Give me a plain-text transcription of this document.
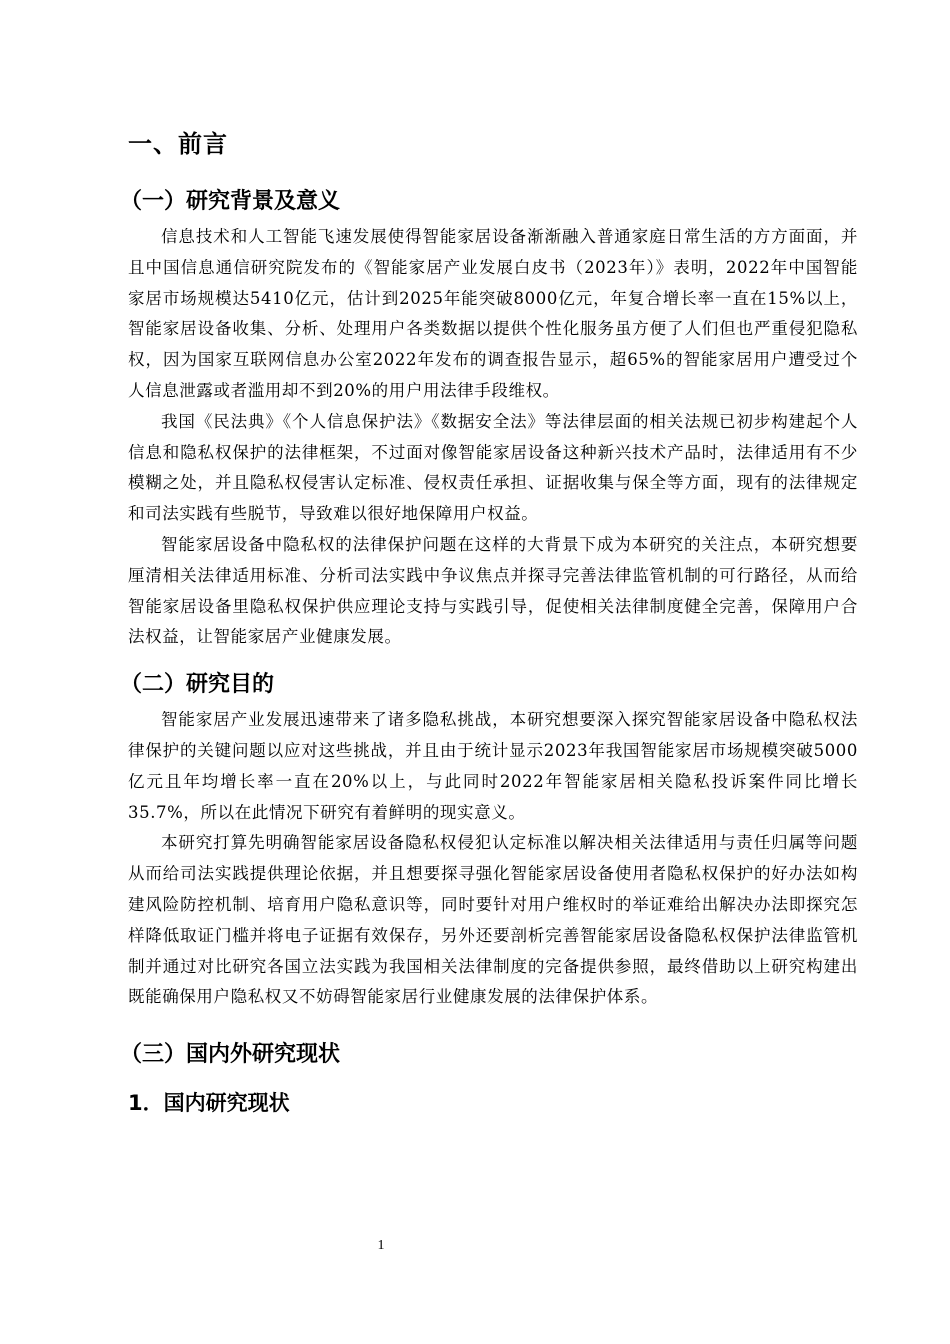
一、前言
（一）研究背景及意义

信息技术和人工智能飞速发展使得智能家居设备渐渐融入普通家庭日常生活的方方面面，并且中国信息通信研究院发布的《智能家居产业发展白皮书（2023年）》表明，2022年中国智能家居市场规模达5410亿元，估计到2025年能突破8000亿元，年复合增长率一直在15%以上，智能家居设备收集、分析、处理用户各类数据以提供个性化服务虽方便了人们但也严重侵犯隐私权，因为国家互联网信息办公室2022年发布的调查报告显示，超65%的智能家居用户遭受过个人信息泄露或者滥用却不到20%的用户用法律手段维权。

我国《民法典》《个人信息保护法》《数据安全法》等法律层面的相关法规已初步构建起个人信息和隐私权保护的法律框架，不过面对像智能家居设备这种新兴技术产品时，法律适用有不少模糊之处，并且隐私权侵害认定标准、侵权责任承担、证据收集与保全等方面，现有的法律规定和司法实践有些脱节，导致难以很好地保障用户权益。

智能家居设备中隐私权的法律保护问题在这样的大背景下成为本研究的关注点，本研究想要厘清相关法律适用标准、分析司法实践中争议焦点并探寻完善法律监管机制的可行路径，从而给智能家居设备里隐私权保护供应理论支持与实践引导，促使相关法律制度健全完善，保障用户合法权益，让智能家居产业健康发展。

（二）研究目的

智能家居产业发展迅速带来了诸多隐私挑战，本研究想要深入探究智能家居设备中隐私权法律保护的关键问题以应对这些挑战，并且由于统计显示2023年我国智能家居市场规模突破5000亿元且年均增长率一直在20%以上，与此同时2022年智能家居相关隐私投诉案件同比增长35.7%，所以在此情况下研究有着鲜明的现实意义。

本研究打算先明确智能家居设备隐私权侵犯认定标准以解决相关法律适用与责任归属等问题从而给司法实践提供理论依据，并且想要探寻强化智能家居设备使用者隐私权保护的好办法如构建风险防控机制、培育用户隐私意识等，同时要针对用户维权时的举证难给出解决办法即探究怎样降低取证门槛并将电子证据有效保存，另外还要剖析完善智能家居设备隐私权保护法律监管机制并通过对比研究各国立法实践为我国相关法律制度的完备提供参照，最终借助以上研究构建出既能确保用户隐私权又不妨碍智能家居行业健康发展的法律保护体系。

（三）国内外研究现状
1．国内研究现状
1
